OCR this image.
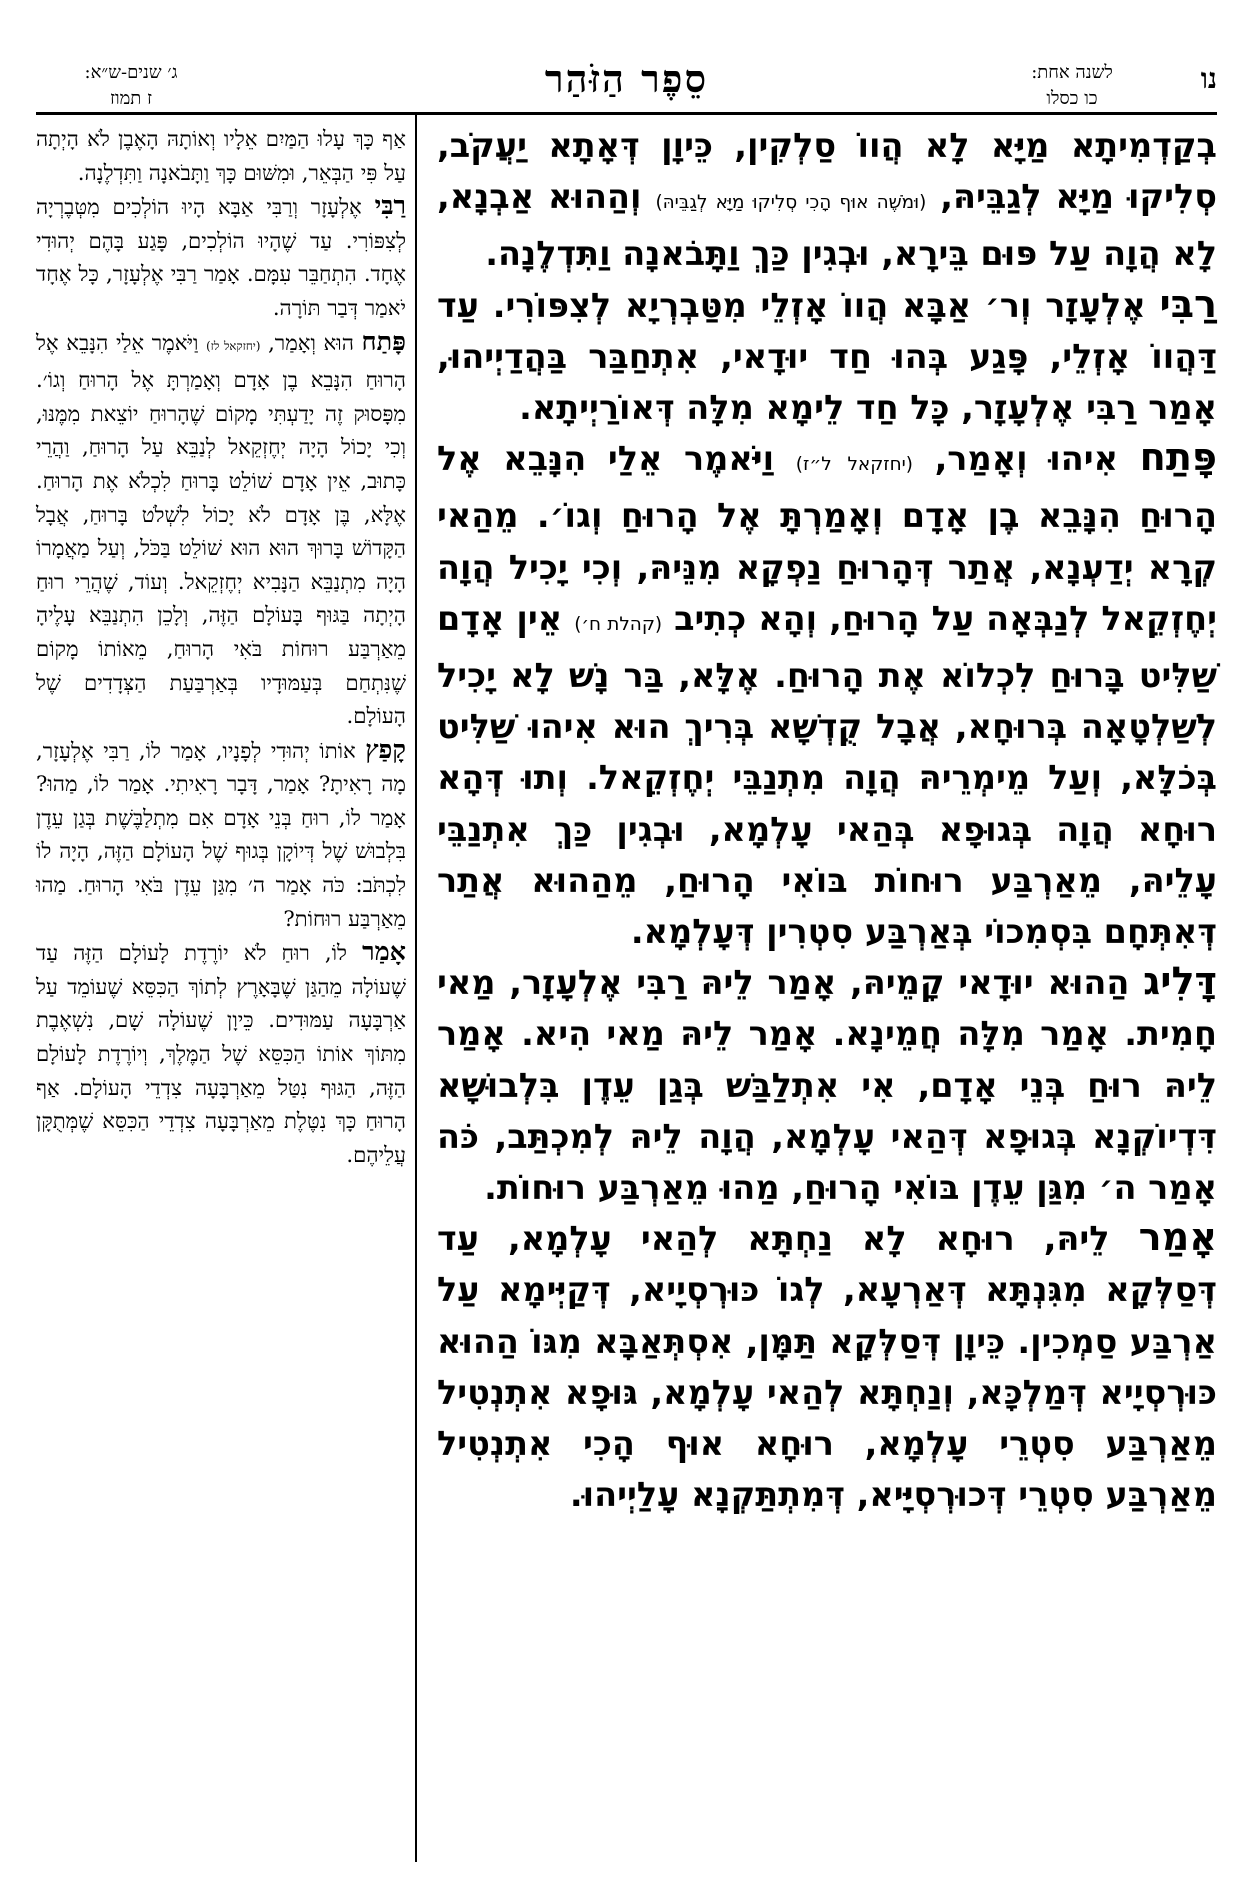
נו
לשנה אחת:
כו כסלו
סֵפֶר הַזֹּהַר
ג׳ שנים-ש״א:
ז תמוז

בְקַדְמִיתָא מַיָּא לָא הֲווֹ סַלְקִין, כֵּיוָן דְּאָתָא יַעֲקֹב, סְלִיקוּ מַיָּא לְגַבֵּיהּ, (וּמֹשֶׁה אוּף הָכִי סְלִיקוּ מַיָּא לְגַבֵּיהּ) וְהַהוּא אַבְנָא, לָא הֲוָה עַל פּוּם בֵּירָא, וּבְגִין כַּךְ וַתָּבֹאנָה וַתִּדְלֶנָה.

רַבִּי אֶלְעָזָר וְר׳ אַבָּא הֲווֹ אָזְלֵי מִטַּבְרְיָא לְצִפּוֹרִי. עַד דַּהֲווֹ אָזְלֵי, פָּגַע בְּהוּ חַד יוּדָאי, אִתְחַבַּר בַּהֲדַיְיהוּ, אָמַר רַבִּי אֶלְעָזָר, כָּל חַד לֵימָא מִלָּה דְּאוֹרַיְיתָא.

פָּתַח אִיהוּ וְאָמַר, (יחזקאל ל״ז) וַיֹּאמֶר אֵלַי הִנָּבֵא אֶל הָרוּחַ הִנָּבֵא בֶן אָדָם וְאָמַרְתָּ אֶל הָרוּחַ וְגוֹ׳. מֵהַאי קְרָא יְדַעְנָא, אֲתַר דְּהָרוּחַ נַפְקָא מִנֵּיהּ, וְכִי יָכִיל הֲוָה יְחֶזְקֵאל לְנַבְּאָה עַל הָרוּחַ, וְהָא כְתִיב (קהלת ח׳) אֵין אָדָם שַׁלִּיט בָּרוּחַ לִכְלוֹא אֶת הָרוּחַ. אֶלָּא, בַּר נָשׁ לָא יָכִיל לְשַׁלְטָאָה בְּרוּחָא, אֲבָל קֻדְשָׁא בְּרִיךְ הוּא אִיהוּ שַׁלִּיט בְּכֹלָּא, וְעַל מֵימְרֵיהּ הֲוָה מִתְנַבֵּי יְחֶזְקֵאל. וְתוּ דְּהָא רוּחָא הֲוָה בְּגוּפָא בְּהַאי עָלְמָא, וּבְגִין כַּךְ אִתְנַבֵּי עָלֵיהּ, מֵאַרְבַּע רוּחוֹת בּוֹאִי הָרוּחַ, מֵהַהוּא אֲתַר דְּאִתְּחָם בִּסְמִכוֹי בְּאַרְבַּע סִטְרִין דְּעָלְמָא.

דָּלִיג הַהוּא יוּדָאי קָמֵיהּ, אָמַר לֵיהּ רַבִּי אֶלְעָזָר, מַאי חָמִית. אָמַר מִלָּה חֲמֵינָא. אָמַר לֵיהּ מַאי הִיא. אָמַר לֵיהּ רוּחַ בְּנֵי אָדָם, אִי אִתְלַבַּשׁ בְּגַן עֵדֶן בִּלְבוּשָׁא דִּדְיוֹקְנָא בְּגוּפָא דְּהַאי עָלְמָא, הֲוָה לֵיהּ לְמִכְתַּב, כֹּה אָמַר ה׳ מִגַּן עֵדֶן בּוֹאִי הָרוּחַ, מַהוּ מֵאַרְבַּע רוּחוֹת.

אָמַר לֵיהּ, רוּחָא לָא נַחְתָּא לְהַאי עָלְמָא, עַד דְּסַלְּקָא מִגִּנְתָּא דְּאַרְעָא, לְגוֹ כּוּרְסְיָיא, דְּקַיְּימָא עַל אַרְבַּע סַמְכִין. כֵּיוָן דְּסַלְּקָא תַּמָּן, אִסְתְּאַבָּא מִגּוֹ הַהוּא כּוּרְסְיָיא דְּמַלְכָּא, וְנַחְתָּא לְהַאי עָלְמָא, גּוּפָא אִתְנְטִיל מֵאַרְבַּע סִטְרֵי עָלְמָא, רוּחָא אוּף הָכִי אִתְנְטִיל מֵאַרְבַּע סִטְרֵי דְּכוּרְסְיָּיא, דְּמִתְתַּקְנָא עָלַיְיהוּ.

אַף כָּךְ עָלוּ הַמַּיִם אֵלָיו וְאוֹתָהּ הָאֶבֶן לֹא הָיְתָה עַל פִּי הַבְּאֵר, וּמִשּׁוּם כָּךְ וַתָּבֹאנָה וַתִּדְלֶנָה.

רַבִּי אֶלְעָזָר וְרַבִּי אַבָּא הָיוּ הוֹלְכִים מִטְּבֶרְיָה לְצִפּוֹרִי. עַד שֶׁהָיוּ הוֹלְכִים, פָּגַע בָּהֶם יְהוּדִי אֶחָד. הִתְחַבֵּר עִמָּם. אָמַר רַבִּי אֶלְעָזָר, כָּל אֶחָד יֹאמַר דְּבַר תּוֹרָה.

פָּתַח הוּא וְאָמַר, (יחזקאל לז) וַיֹּאמֶר אֵלַי הִנָּבֵא אֶל הָרוּחַ הִנָּבֵא בֶן אָדָם וְאָמַרְתָּ אֶל הָרוּחַ וְגוֹ׳. מִפָּסוּק זֶה יָדַעְתִּי מָקוֹם שֶׁהָרוּחַ יוֹצֵאת מִמֶּנּוּ, וְכִי יָכוֹל הָיָה יְחֶזְקֵאל לְנַבֵּא עַל הָרוּחַ, וַהֲרֵי כָּתוּב, אֵין אָדָם שׁוֹלֵט בָּרוּחַ לִכְלֹא אֶת הָרוּחַ. אֶלָּא, בֶּן אָדָם לֹא יָכוֹל לִשְׁלֹט בָּרוּחַ, אֲבָל הַקָּדוֹשׁ בָּרוּךְ הוּא הוּא שׁוֹלֵט בַּכֹּל, וְעַל מַאֲמָרוֹ הָיָה מִתְנַבֵּא הַנָּבִיא יְחֶזְקֵאל. וְעוֹד, שֶׁהֲרֵי רוּחַ הָיְתָה בַּגּוּף בָּעוֹלָם הַזֶּה, וְלָכֵן הִתְנַבֵּא עָלֶיהָ מֵאַרְבַּע רוּחוֹת בֹּאִי הָרוּחַ, מֵאוֹתוֹ מָקוֹם שֶׁנִּתְחַם בְּעַמּוּדָיו בְּאַרְבַּעַת הַצְּדָדִים שֶׁל הָעוֹלָם.

קָפַץ אוֹתוֹ יְהוּדִי לְפָנָיו, אָמַר לוֹ, רַבִּי אֶלְעָזָר, מָה רָאִיתָ? אָמַר, דָּבָר רָאִיתִי. אָמַר לוֹ, מַהוּ? אָמַר לוֹ, רוּחַ בְּנֵי אָדָם אִם מִתְלַבֶּשֶׁת בְּגַן עֵדֶן בִּלְבוּשׁ שֶׁל דְּיוֹקָן בְּגוּף שֶׁל הָעוֹלָם הַזֶּה, הָיָה לוֹ לִכְתֹּב: כֹּה אָמַר ה׳ מִגַּן עֵדֶן בֹּאִי הָרוּחַ. מַהוּ מֵאַרְבַּע רוּחוֹת?

אָמַר לוֹ, רוּחַ לֹא יוֹרֶדֶת לָעוֹלָם הַזֶּה עַד שֶׁעוֹלָה מֵהַגַּן שֶׁבָּאָרֶץ לְתוֹךְ הַכִּסֵּא שֶׁעוֹמֵד עַל אַרְבָּעָה עַמּוּדִים. כֵּיוָן שֶׁעוֹלָה שָׁם, נִשְׁאֶבֶת מִתּוֹךְ אוֹתוֹ הַכִּסֵּא שֶׁל הַמֶּלֶךְ, וְיוֹרֶדֶת לָעוֹלָם הַזֶּה, הַגּוּף נִטַּל מֵאַרְבָּעָה צִדְדֵי הָעוֹלָם. אַף הָרוּחַ כָּךְ נִטֶּלֶת מֵאַרְבָּעָה צִדְדֵי הַכִּסֵּא שֶׁמְּתֻקָּן עֲלֵיהֶם.
